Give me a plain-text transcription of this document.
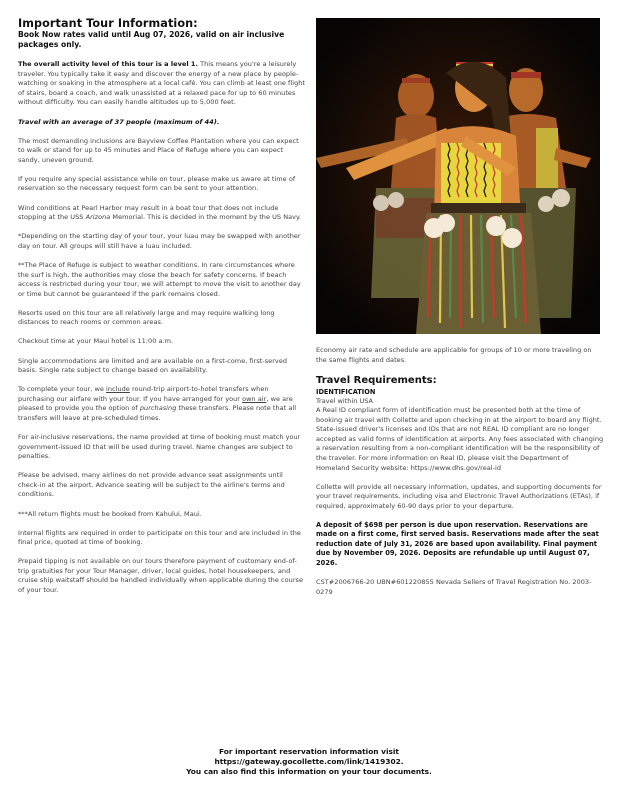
Important Tour Information:
Book Now rates valid until Aug 07, 2026, valid on air inclusive packages only.

The overall activity level of this tour is a level 1. This means you're a leisurely traveler. You typically take it easy and discover the energy of a new place by people-watching or soaking in the atmosphere at a local café. You can climb at least one flight of stairs, board a coach, and walk unassisted at a relaxed pace for up to 60 minutes without difficulty. You can easily handle altitudes up to 5,000 feet.

Travel with an average of 37 people (maximum of 44).

The most demanding inclusions are Bayview Coffee Plantation where you can expect to walk or stand for up to 45 minutes and Place of Refuge where you can expect sandy, uneven ground.

If you require any special assistance while on tour, please make us aware at time of reservation so the necessary request form can be sent to your attention.

Wind conditions at Pearl Harbor may result in a boat tour that does not include stopping at the USS Arizona Memorial. This is decided in the moment by the US Navy.

*Depending on the starting day of your tour, your luau may be swapped with another day on tour. All groups will still have a luau included.

**The Place of Refuge is subject to weather conditions. In rare circumstances where the surf is high, the authorities may close the beach for safety concerns. If beach access is restricted during your tour, we will attempt to move the visit to another day or time but cannot be guaranteed if the park remains closed.

Resorts used on this tour are all relatively large and may require walking long distances to reach rooms or common areas.

Checkout time at your Maui hotel is 11:00 a.m.

Single accommodations are limited and are available on a first-come, first-served basis. Single rate subject to change based on availability.

To complete your tour, we include round-trip airport-to-hotel transfers when purchasing our airfare with your tour. If you have arranged for your own air, we are pleased to provide you the option of purchasing these transfers. Please note that all transfers will leave at pre-scheduled times.

For air-inclusive reservations, the name provided at time of booking must match your government-issued ID that will be used during travel. Name changes are subject to penalties.

Please be advised, many airlines do not provide advance seat assignments until check-in at the airport. Advance seating will be subject to the airline's terms and conditions.

***All return flights must be booked from Kahului, Maui.

Internal flights are required in order to participate on this tour and are included in the final price, quoted at time of booking.

Prepaid tipping is not available on our tours therefore payment of customary end-of-trip gratuities for your Tour Manager, driver, local guides, hotel housekeepers, and cruise ship waitstaff should be handled individually when applicable during the course of your tour.

Economy air rate and schedule are applicable for groups of 10 or more traveling on the same flights and dates.

Travel Requirements:
IDENTIFICATION
Travel within USA

A Real ID compliant form of identification must be presented both at the time of booking air travel with Collette and upon checking in at the airport to board any flight. State-issued driver's licenses and IDs that are not REAL ID compliant are no longer accepted as valid forms of identification at airports. Any fees associated with changing a reservation resulting from a non-compliant identification will be the responsibility of the traveler. For more information on Real ID, please visit the Department of Homeland Security website: https://www.dhs.gov/real-id

Collette will provide all necessary information, updates, and supporting documents for your travel requirements, including visa and Electronic Travel Authorizations (ETAs), if required, approximately 60-90 days prior to your departure.

A deposit of $698 per person is due upon reservation. Reservations are made on a first come, first served basis. Reservations made after the seat reduction date of July 31, 2026 are based upon availability. Final payment due by November 09, 2026. Deposits are refundable up until August 07, 2026.

CST#2006766-20 UBN#601220855 Nevada Sellers of Travel Registration No. 2003-0279

For important reservation information visit
https://gateway.gocollette.com/link/1419302.
You can also find this information on your tour documents.
